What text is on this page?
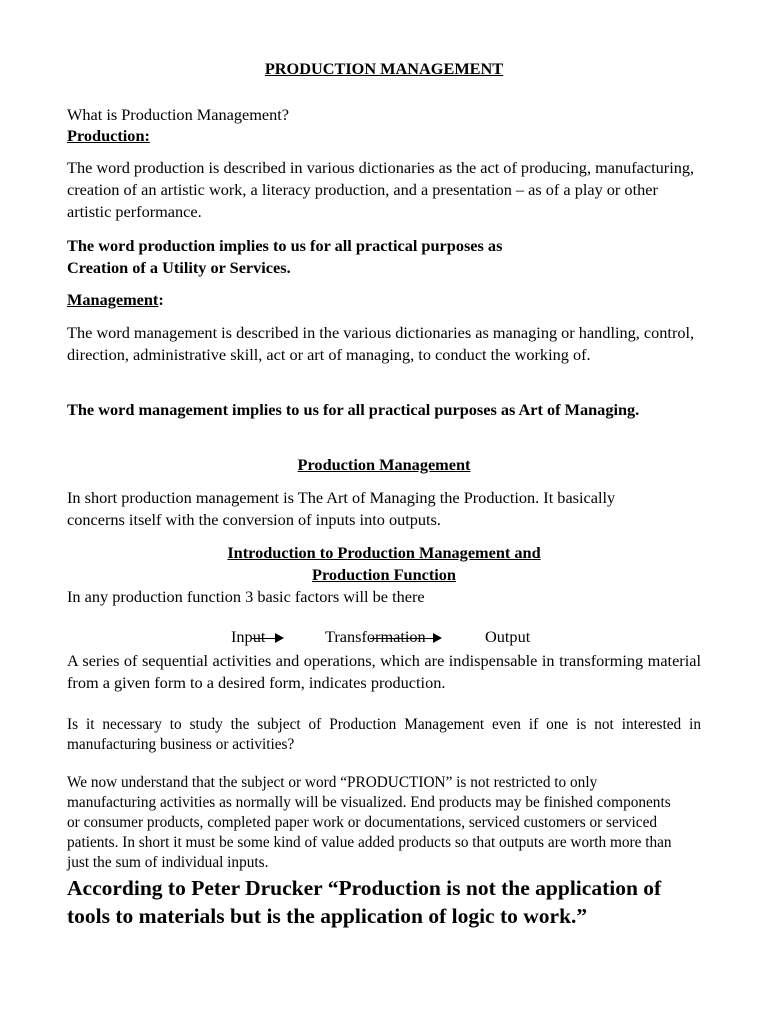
PRODUCTION MANAGEMENT

What is Production Management?

Production:

The word production is described in various dictionaries as the act of producing, manufacturing, creation of an artistic work, a literacy production, and a presentation – as of a play or other artistic performance.

The word production implies to us for all practical purposes as

Creation of a Utility or Services.

Management:

The word management is described in the various dictionaries as managing or handling, control, direction, administrative skill, act or art of managing, to conduct the working of.

The word management implies to us for all practical purposes as Art of Managing.

Production Management

In short production management is The Art of Managing the Production. It basically concerns itself with the conversion of inputs into outputs.

Introduction to Production Management and

Production Function

In any production function 3 basic factors will be there

Input	Transformation	Output

A series of sequential activities and operations, which are indispensable in transforming material from a given form to a desired form, indicates production.

Is it necessary to study the subject of Production Management even if one is not interested in manufacturing business or activities?

We now understand that the subject or word “PRODUCTION” is not restricted to only manufacturing activities as normally will be visualized. End products may be finished components or consumer products, completed paper work or documentations, serviced customers or serviced patients. In short it must be some kind of value added products so that outputs are worth more than just the sum of individual inputs.

According to Peter Drucker “Production is not the application of tools to materials but is the application of logic to work.”
